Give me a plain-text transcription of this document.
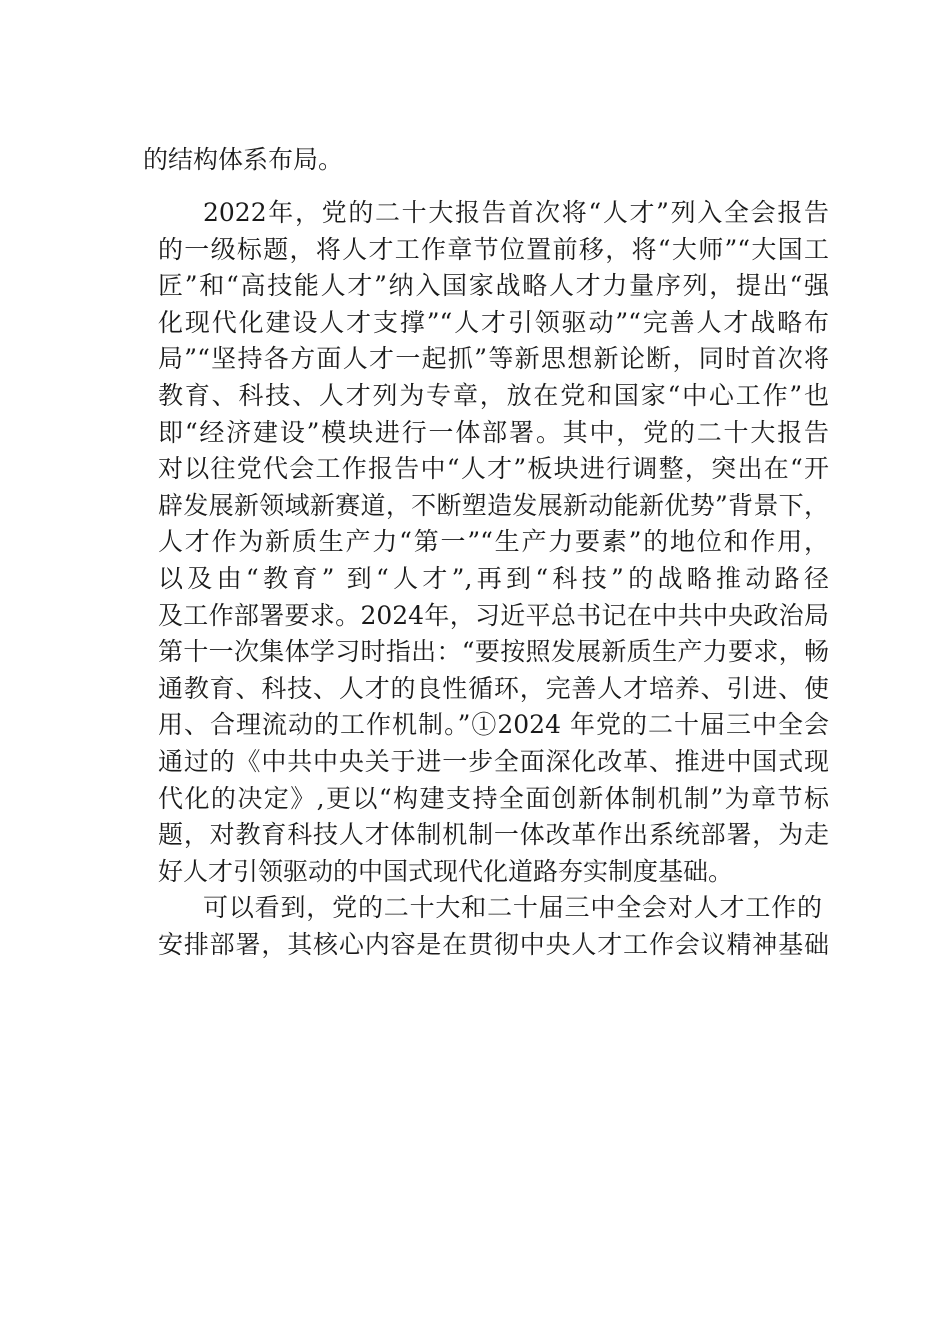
的结构体系布局。
2022年，党的二十大报告首次将“人才”列入全会报告
的一级标题，将人才工作章节位置前移，将“大师”“大国工
匠”和“高技能人才”纳入国家战略人才力量序列，提出“强
化现代化建设人才支撑”“人才引领驱动”“完善人才战略布
局”“坚持各方面人才一起抓”等新思想新论断，同时首次将
教育、科技、人才列为专章，放在党和国家“中心工作”也
即“经济建设”模块进行一体部署。其中，党的二十大报告
对以往党代会工作报告中“人才”板块进行调整，突出在“开
辟发展新领域新赛道，不断塑造发展新动能新优势”背景下，
人才作为新质生产力“第一”“生产力要素”的地位和作用，
以及由“教育” 到“人才”,再到“科技”的战略推动路径
及工作部署要求。2024年，习近平总书记在中共中央政治局
第十一次集体学习时指出：“要按照发展新质生产力要求，畅
通教育、科技、人才的良性循环，完善人才培养、引进、使
用、合理流动的工作机制。”①2024 年党的二十届三中全会
通过的《中共中央关于进一步全面深化改革、推进中国式现
代化的决定》,更以“构建支持全面创新体制机制”为章节标
题，对教育科技人才体制机制一体改革作出系统部署，为走
好人才引领驱动的中国式现代化道路夯实制度基础。
可以看到，党的二十大和二十届三中全会对人才工作的
安排部署，其核心内容是在贯彻中央人才工作会议精神基础
